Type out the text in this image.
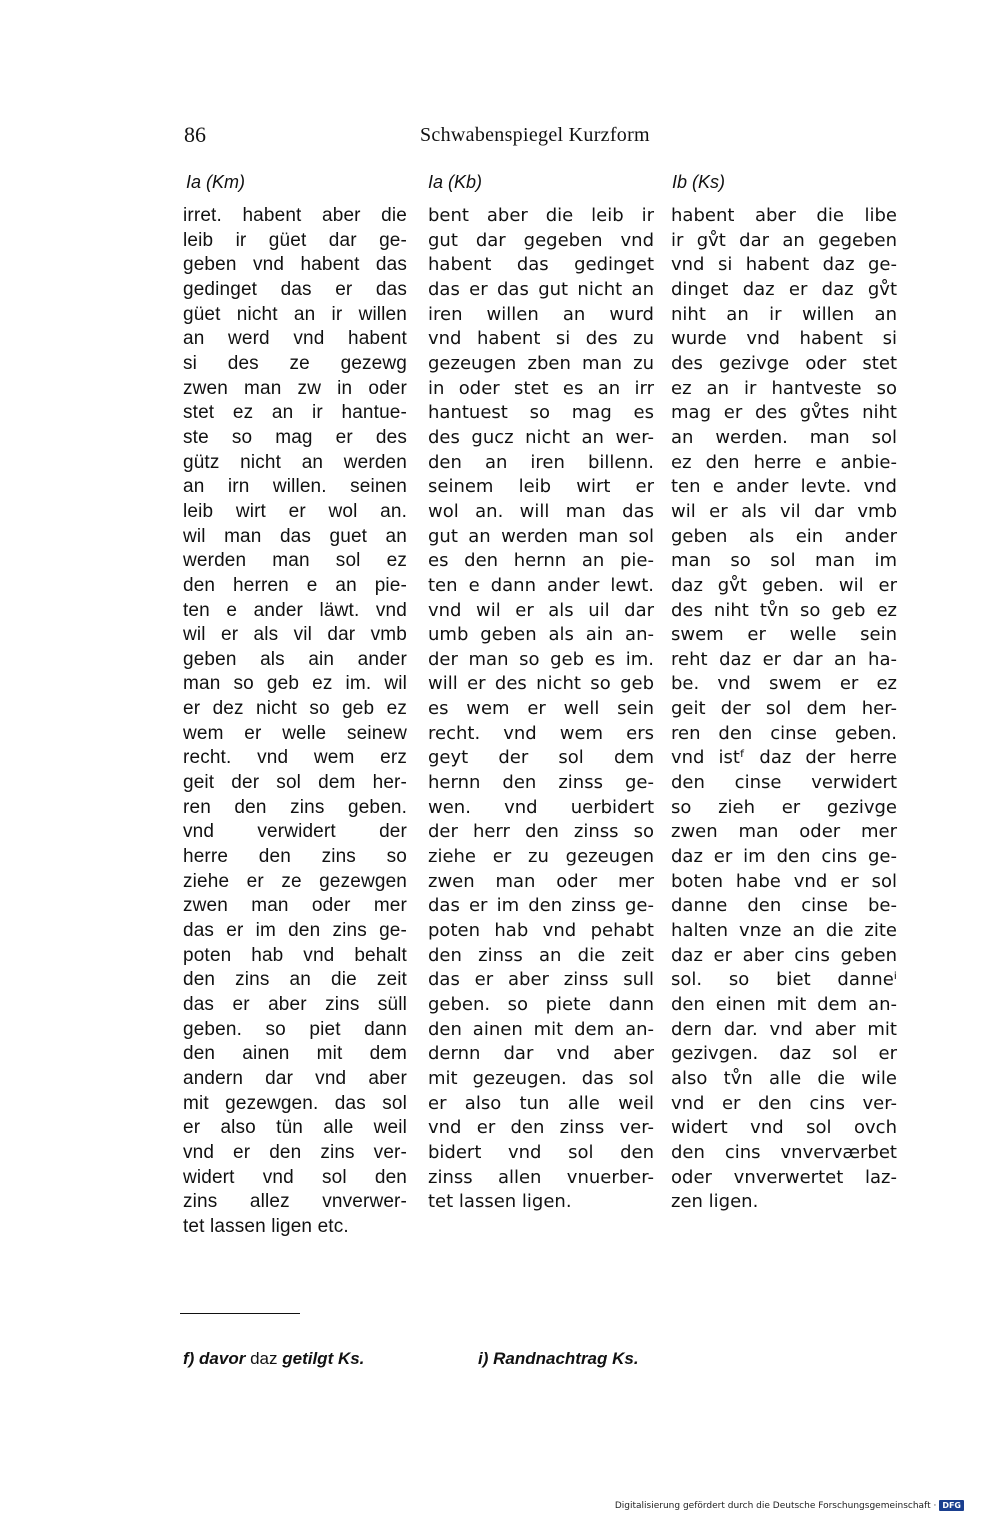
86	Schwabenspiegel Kurzform
Ia (Km)	Ia (Kb)	Ib (Ks)
irret. habent aber die
leib ir güet dar ge-
geben vnd habent das
gedinget das er das
güet nicht an ir willen
an werd vnd habent
si des ze gezewg
zwen man zw in oder
stet ez an ir hantue-
ste so mag er des
gütz nicht an werden
an irn willen. seinen
leib wirt er wol an.
wil man das guet an
werden man sol ez
den herren e an pie-
ten e ander läwt. vnd
wil er als vil dar vmb
geben als ain ander
man so geb ez im. wil
er dez nicht so geb ez
wem er welle seinew
recht. vnd wem erz
geit der sol dem her-
ren den zins geben.
vnd verwidert der
herre den zins so
ziehe er ze gezewgen
zwen man oder mer
das er im den zins ge-
poten hab vnd behalt
den zins an die zeit
das er aber zins süll
geben. so piet dann
den ainen mit dem
andern dar vnd aber
mit gezewgen. das sol
er also tün alle weil
vnd er den zins ver-
widert vnd sol den
zins allez vnverwer-
tet lassen ligen etc.
bent aber die leib ir
gut dar gegeben vnd
habent das gedinget
das er das gut nicht an
iren willen an wurd
vnd habent si des zu
gezeugen zben man zu
in oder stet es an irr
hantuest so mag es
des gucz nicht an wer-
den an iren billenn.
seinem leib wirt er
wol an. will man das
gut an werden man sol
es den hernn an pie-
ten e dann ander lewt.
vnd wil er als uil dar
umb geben als ain an-
der man so geb es im.
will er des nicht so geb
es wem er well sein
recht. vnd wem ers
geyt der sol dem
hernn den zinss ge-
wen. vnd uerbidert
der herr den zinss so
ziehe er zu gezeugen
zwen man oder mer
das er im den zinss ge-
poten hab vnd pehabt
den zinss an die zeit
das er aber zinss sull
geben. so piete dann
den ainen mit dem an-
dernn dar vnd aber
mit gezeugen. das sol
er also tun alle weil
vnd er den zinss ver-
bidert vnd sol den
zinss allen vnuerber-
tet lassen ligen.
habent aber die libe
ir gv̊t dar an gegeben
vnd si habent daz ge-
dinget daz er daz gv̊t
niht an ir willen an
wurde vnd habent si
des gezivge oder stet
ez an ir hantveste so
mag er des gv̊tes niht
an werden. man sol
ez den herre e anbie-
ten e ander levte. vnd
wil er als vil dar vmb
geben als ein ander
man so sol man im
daz gv̊t geben. wil er
des niht tv̊n so geb ez
swem er welle sein
reht daz er dar an ha-
be. vnd swem er ez
geit der sol dem her-
ren den cinse geben.
vnd istᶠ daz der herre
den cinse verwidert
so zieh er gezivge
zwen man oder mer
daz er im den cins ge-
boten habe vnd er sol
danne den cinse be-
halten vnze an die zite
daz er aber cins geben
sol. so biet danneⁱ
den einen mit dem an-
dern dar. vnd aber mit
gezivgen. daz sol er
also tv̊n alle die wile
vnd er den cins ver-
widert vnd sol ovch
den cins vnverværbet
oder vnverwertet laz-
zen ligen.
f) davor daz getilgt Ks.	i) Randnachtrag Ks.
Digitalisierung gefördert durch die Deutsche Forschungsgemeinschaft · DFG
